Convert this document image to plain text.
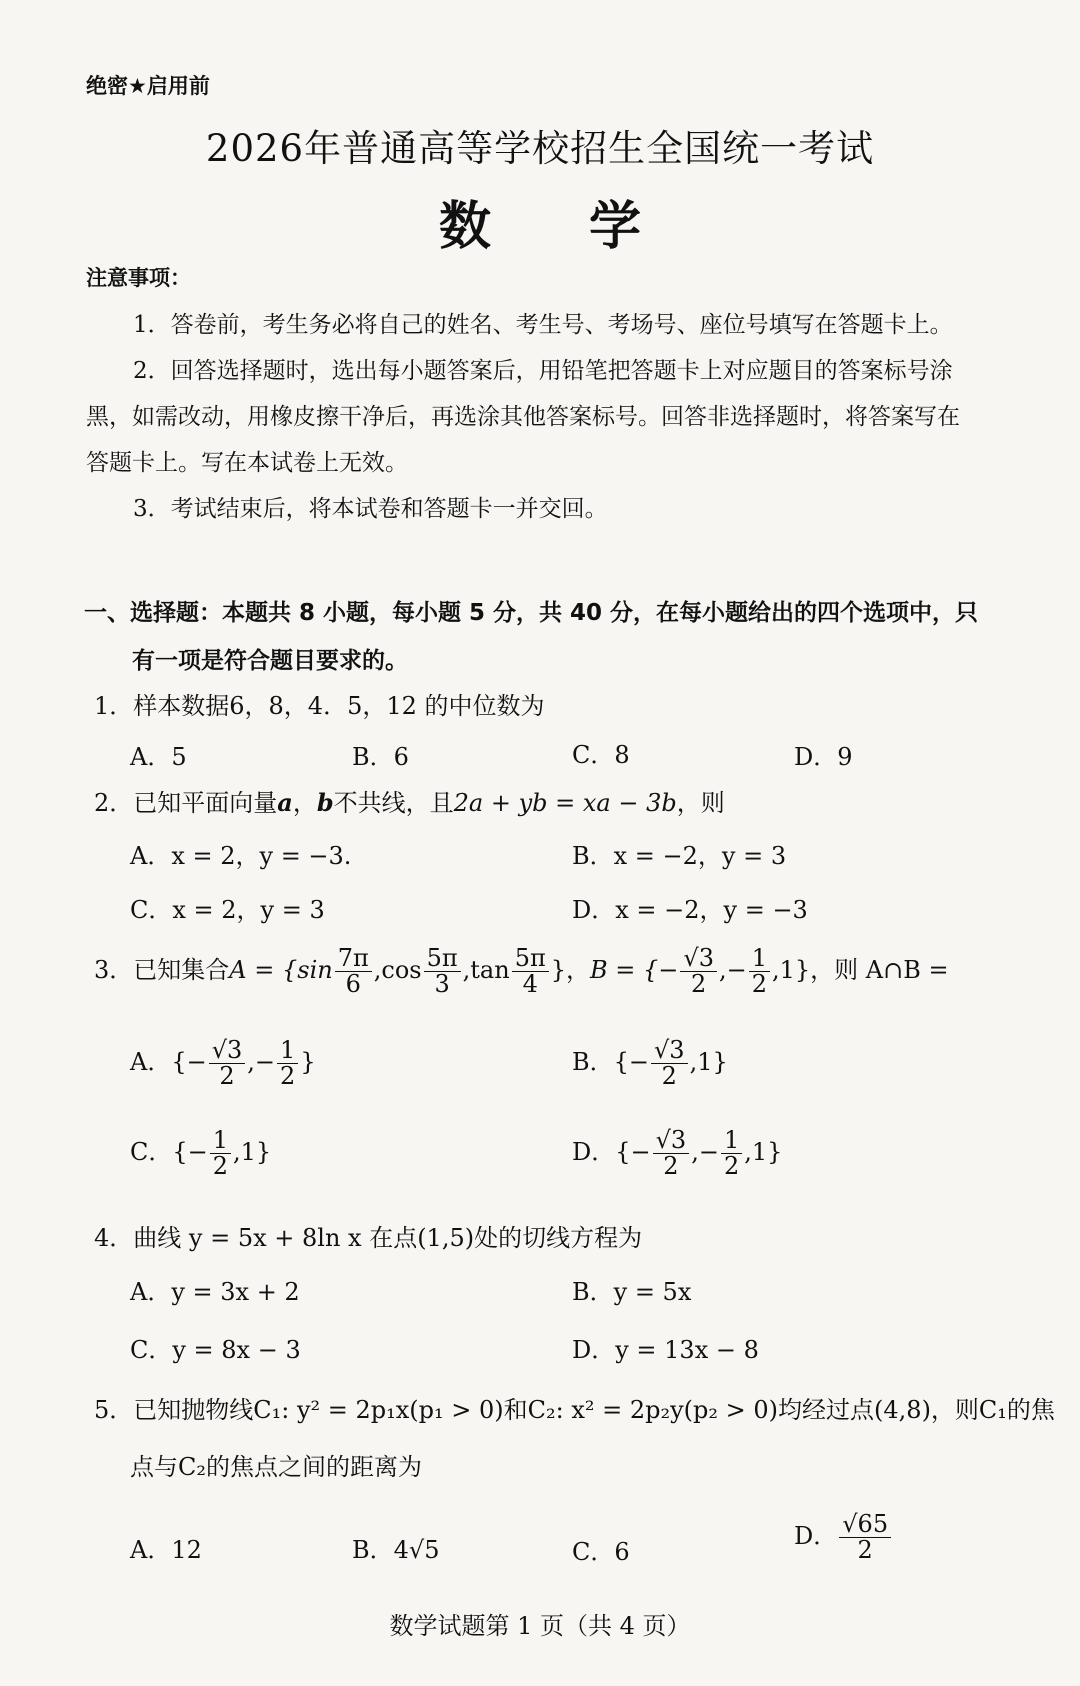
绝密★启用前
2026年普通高等学校招生全国统一考试
数 学
注意事项：
1．答卷前，考生务必将自己的姓名、考生号、考场号、座位号填写在答题卡上。
2．回答选择题时，选出每小题答案后，用铅笔把答题卡上对应题目的答案标号涂
黑，如需改动，用橡皮擦干净后，再选涂其他答案标号。回答非选择题时，将答案写在
答题卡上。写在本试卷上无效。
3．考试结束后，将本试卷和答题卡一并交回。
一、选择题：本题共 8 小题，每小题 5 分，共 40 分，在每小题给出的四个选项中，只
有一项是符合题目要求的。
1．样本数据6，8，4．5，12 的中位数为
A．5	B．6	C．8	D．9
2．已知平面向量a，b不共线，且2a + yb = xa − 3b，则
A．x = 2，y = −3.	B．x = −2，y = 3
C．x = 2，y = 3	D．x = −2，y = −3
3．已知集合$A = \{\sin \frac{7\pi}{6} ,\cos \frac{5\pi}{3} ,\tan \frac{5\pi}{4}$ }，B = {− $\frac{√3}{2}$ ,− $\frac{1}{2} ,1$}，则 A∩B =
A．{− $\frac{√3}{2}$ ,− $\frac{1}{2}$ }	B．{− $\frac{√3}{2} ,1$}
C．{− $\frac{1}{2} ,1$}	D．{− $\frac{√3}{2}$ ,− $\frac{1}{2} ,1$}
4．曲线 y = 5x + 8ln x 在点(1,5)处的切线方程为
A．y = 3x + 2	B．y = 5x
C．y = 8x − 3	D．y = 13x − 8
5．已知抛物线C₁: y² = 2p₁x(p₁ > 0)和C₂: x² = 2p₂y(p₂ > 0)均经过点(4,8)，则C₁的焦
点与C₂的焦点之间的距离为
A．12	B．4√5	C．6
D． $\frac{√65}{2}$
数学试题第 1 页（共 4 页）
